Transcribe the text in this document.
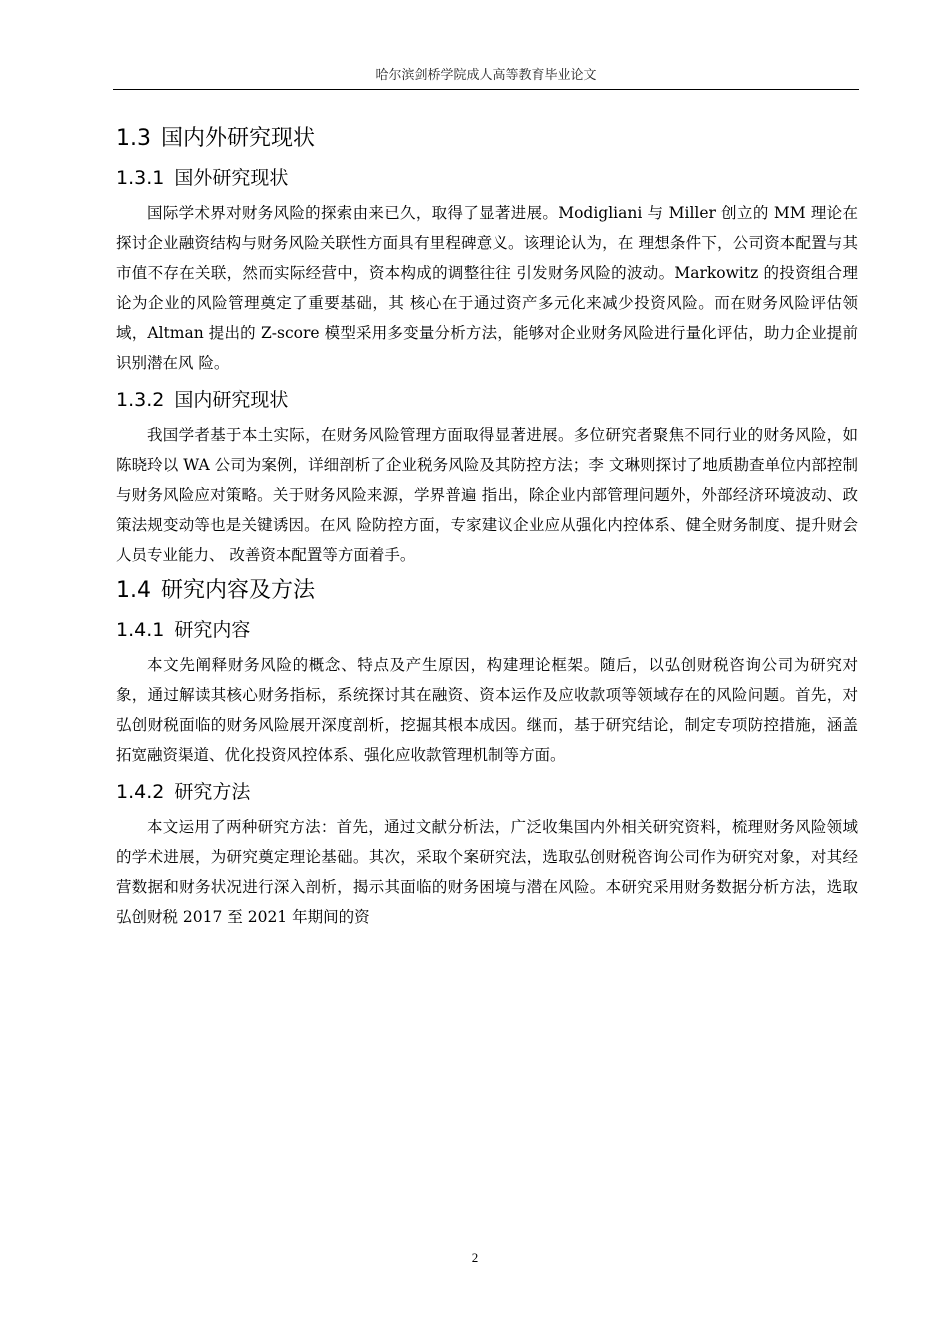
哈尔滨剑桥学院成人高等教育毕业论文
1.3 国内外研究现状
1.3.1 国外研究现状

国际学术界对财务风险的探索由来已久，取得了显著进展。Modigliani 与 Miller 创立的 MM 理论在探讨企业融资结构与财务风险关联性方面具有里程碑意义。该理论认为，在 理想条件下，公司资本配置与其市值不存在关联，然而实际经营中，资本构成的调整往往 引发财务风险的波动。Markowitz 的投资组合理论为企业的风险管理奠定了重要基础，其 核心在于通过资产多元化来减少投资风险。而在财务风险评估领域，Altman 提出的 Z-score 模型采用多变量分析方法，能够对企业财务风险进行量化评估，助力企业提前识别潜在风 险。

1.3.2 国内研究现状

我国学者基于本土实际，在财务风险管理方面取得显著进展。多位研究者聚焦不同行业的财务风险，如陈晓玲以 WA 公司为案例，详细剖析了企业税务风险及其防控方法；李 文琳则探讨了地质勘查单位内部控制与财务风险应对策略。关于财务风险来源，学界普遍 指出，除企业内部管理问题外，外部经济环境波动、政策法规变动等也是关键诱因。在风 险防控方面，专家建议企业应从强化内控体系、健全财务制度、提升财会人员专业能力、 改善资本配置等方面着手。

1.4 研究内容及方法
1.4.1 研究内容

本文先阐释财务风险的概念、特点及产生原因，构建理论框架。随后，以弘创财税咨询公司为研究对象，通过解读其核心财务指标，系统探讨其在融资、资本运作及应收款项等领域存在的风险问题。首先，对弘创财税面临的财务风险展开深度剖析，挖掘其根本成因。继而，基于研究结论，制定专项防控措施，涵盖拓宽融资渠道、优化投资风控体系、强化应收款管理机制等方面。

1.4.2 研究方法

本文运用了两种研究方法：首先，通过文献分析法，广泛收集国内外相关研究资料，梳理财务风险领域的学术进展，为研究奠定理论基础。其次，采取个案研究法，选取弘创财税咨询公司作为研究对象，对其经营数据和财务状况进行深入剖析，揭示其面临的财务困境与潜在风险。本研究采用财务数据分析方法，选取弘创财税 2017 至 2021 年期间的资

2
